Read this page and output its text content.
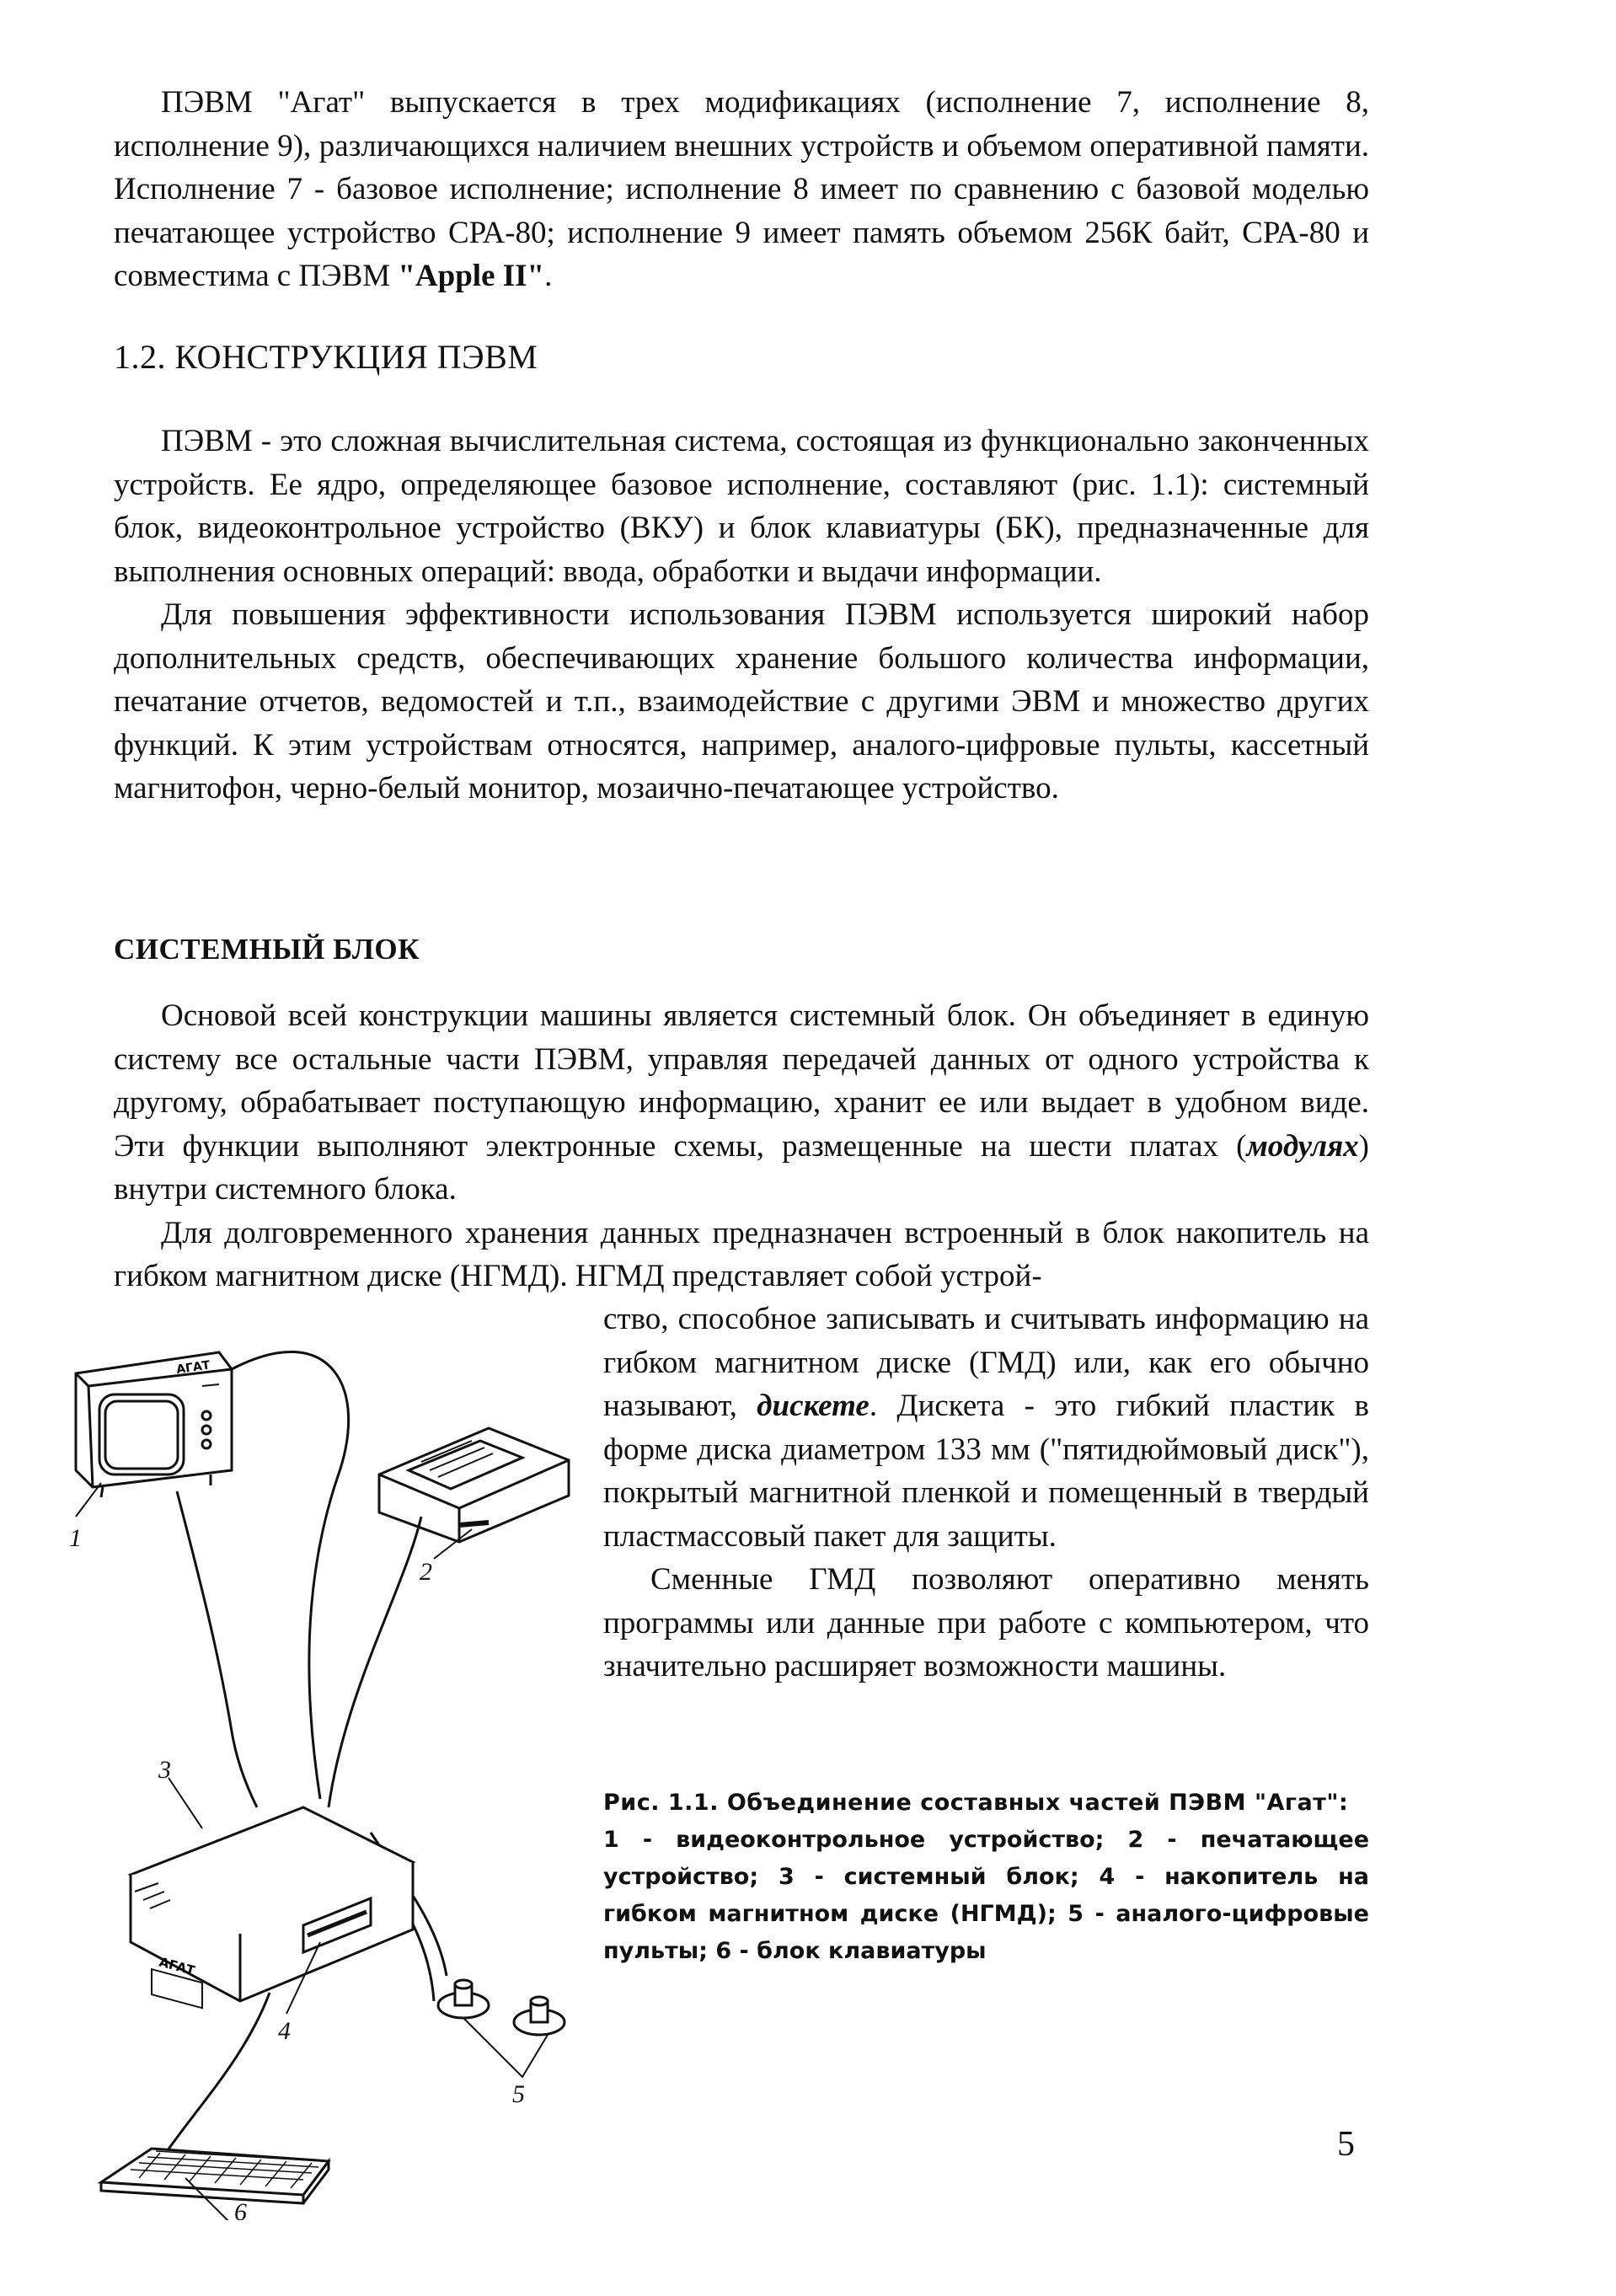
ПЭВМ "Агат" выпускается в трех модификациях (исполнение 7, исполнение 8, исполнение 9), различающихся наличием внешних устройств и объемом оперативной памяти. Исполнение 7 - базовое исполнение; исполнение 8 имеет по сравнению с базовой моделью печатающее устройство СРА-80; исполнение 9 имеет память объемом 256К байт, СРА-80 и совместима с ПЭВМ "Apple II".

1.2. КОНСТРУКЦИЯ ПЭВМ

ПЭВМ - это сложная вычислительная система, состоящая из функционально законченных устройств. Ее ядро, определяющее базовое исполнение, составляют (рис. 1.1): системный блок, видеоконтрольное устройство (ВКУ) и блок клавиатуры (БК), предназначенные для выполнения основных операций: ввода, обработки и выдачи информации.

Для повышения эффективности использования ПЭВМ используется широкий набор дополнительных средств, обеспечивающих хранение большого количества информации, печатание отчетов, ведомостей и т.п., взаимодействие с другими ЭВМ и множество других функций. К этим устройствам относятся, например, аналого-цифровые пульты, кассетный магнитофон, черно-белый монитор, мозаично-печатающее устройство.

СИСТЕМНЫЙ БЛОК

Основой всей конструкции машины является системный блок. Он объединяет в единую систему все остальные части ПЭВМ, управляя передачей данных от одного устройства к другому, обрабатывает поступающую информацию, хранит ее или выдает в удобном виде. Эти функции выполняют электронные схемы, размещенные на шести платах (модулях) внутри системного блока.

Для долговременного хранения данных предназначен встроенный в блок накопитель на гибком магнитном диске (НГМД). НГМД представляет собой устрой-

ство, способное записывать и считывать информацию на гибком магнитном диске (ГМД) или, как его обычно называют, дискете. Дискета - это гибкий пластик в форме диска диаметром 133 мм ("пятидюймовый диск"), покрытый магнитной пленкой и помещенный в твердый пластмассовый пакет для защиты.

Сменные ГМД позволяют оперативно менять программы или данные при работе с компьютером, что значительно расширяет возможности машины.

Рис. 1.1. Объединение составных частей ПЭВМ "Агат":
1 - видеоконтрольное устройство; 2 - печатающее устройство; 3 - системный блок; 4 - накопитель на гибком магнитном диске (НГМД); 5 - аналого-цифровые пульты; 6 - блок клавиатуры
АГАТ
АГАТ
1
2
3
4
5
6
5
